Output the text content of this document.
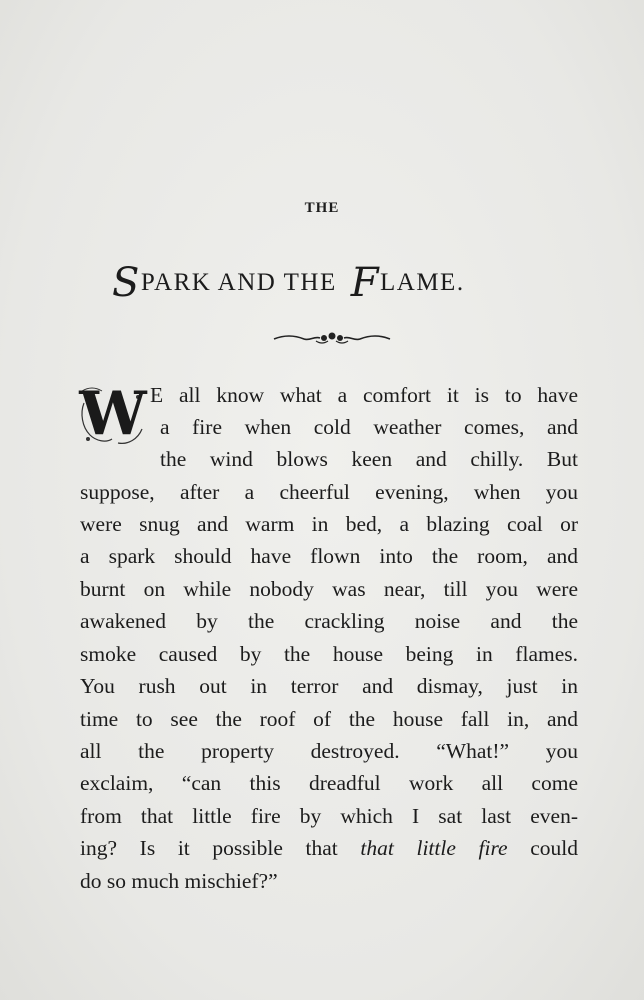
THE
SPARK AND THE FLAME.
W E all know what a comfort it is to have
a fire when cold weather comes, and
the wind blows keen and chilly. But
suppose, after a cheerful evening, when you
were snug and warm in bed, a blazing coal or
a spark should have flown into the room, and
burnt on while nobody was near, till you were
awakened by the crackling noise and the
smoke caused by the house being in flames.
You rush out in terror and dismay, just in
time to see the roof of the house fall in, and
all the property destroyed. “What!” you
exclaim, “can this dreadful work all come
from that little fire by which I sat last even-
ing? Is it possible that that little fire could
do so much mischief?”
